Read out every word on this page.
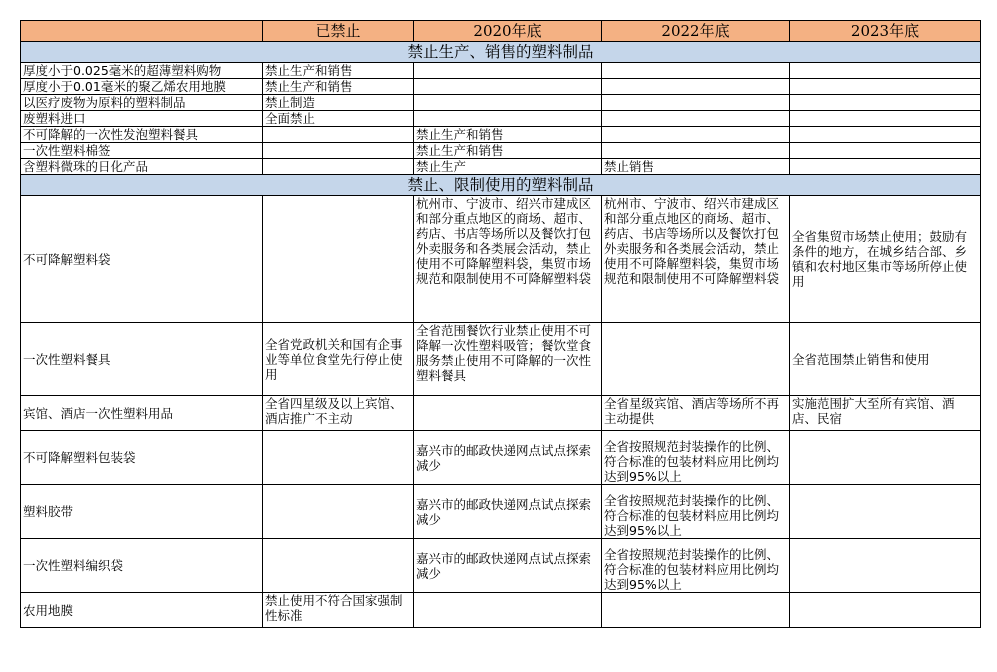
	已禁止	2020年底	2022年底	2023年底
禁止生产、销售的塑料制品				
厚度小于0.025毫米的超薄塑料购物	禁止生产和销售			
厚度小于0.01毫米的聚乙烯农用地膜	禁止生产和销售			
以医疗废物为原料的塑料制品	禁止制造			
废塑料进口	全面禁止			
不可降解的一次性发泡塑料餐具		禁止生产和销售		
一次性塑料棉签		禁止生产和销售		
含塑料微珠的日化产品		禁止生产	禁止销售	
禁止、限制使用的塑料制品				
不可降解塑料袋		杭州市、宁波市、绍兴市建成区和部分重点地区的商场、超市、药店、书店等场所以及餐饮打包外卖服务和各类展会活动，禁止使用不可降解塑料袋，集贸市场规范和限制使用不可降解塑料袋	杭州市、宁波市、绍兴市建成区和部分重点地区的商场、超市、药店、书店等场所以及餐饮打包外卖服务和各类展会活动，禁止使用不可降解塑料袋，集贸市场规范和限制使用不可降解塑料袋	全省集贸市场禁止使用；鼓励有条件的地方，在城乡结合部、乡镇和农村地区集市等场所停止使用
一次性塑料餐具	全省党政机关和国有企事业等单位食堂先行停止使用	全省范围餐饮行业禁止使用不可降解一次性塑料吸管；餐饮堂食服务禁止使用不可降解的一次性塑料餐具		全省范围禁止销售和使用
宾馆、酒店一次性塑料用品	全省四星级及以上宾馆、酒店推广不主动		全省星级宾馆、酒店等场所不再主动提供	实施范围扩大至所有宾馆、酒店、民宿
不可降解塑料包装袋		嘉兴市的邮政快递网点试点探索减少	全省按照规范封装操作的比例、符合标准的包装材料应用比例均达到95%以上	
塑料胶带		嘉兴市的邮政快递网点试点探索减少	全省按照规范封装操作的比例、符合标准的包装材料应用比例均达到95%以上	
一次性塑料编织袋		嘉兴市的邮政快递网点试点探索减少	全省按照规范封装操作的比例、符合标准的包装材料应用比例均达到95%以上	
农用地膜	禁止使用不符合国家强制性标准			
